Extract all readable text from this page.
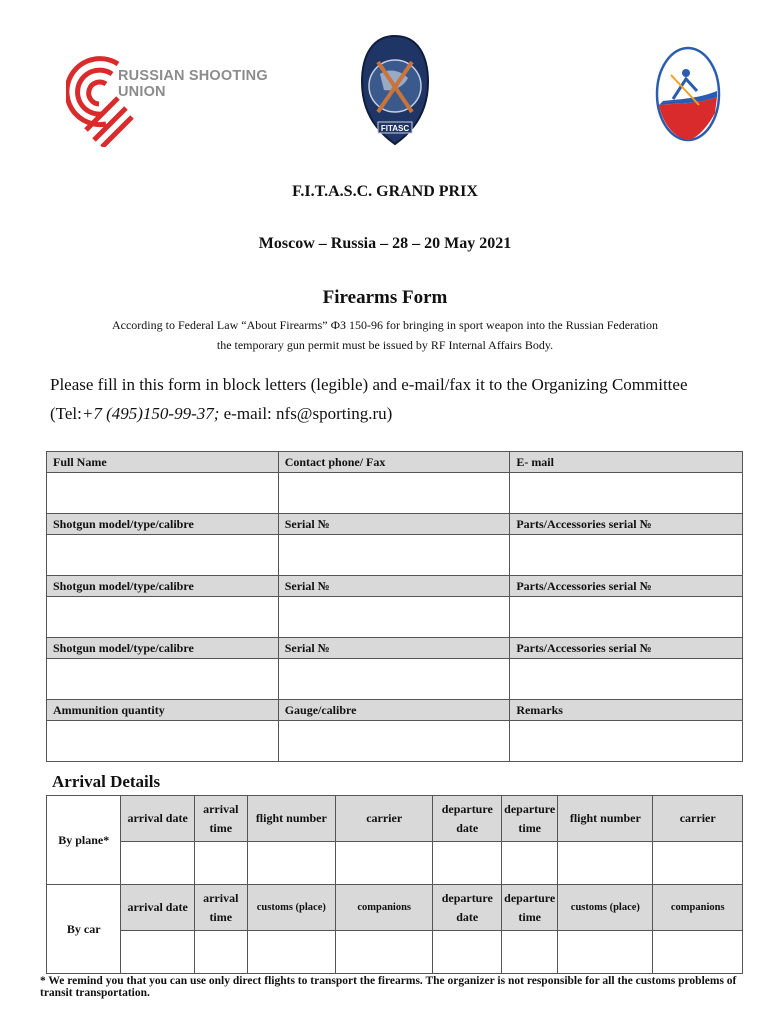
RUSSIAN SHOOTING
UNION
FITASC
F.I.T.A.S.C. GRAND PRIX
Moscow – Russia – 28 – 20 May 2021
Firearms Form
According to Federal Law “About Firearms” ФЗ 150-96 for bringing in sport weapon into the Russian Federation
the temporary gun permit must be issued by RF Internal Affairs Body.
Please fill in this form in block letters (legible) and e-mail/fax it to the Organizing Committee
(Tel:+7 (495)150-99-37; e-mail: nfs@sporting.ru)
Full Name	Contact phone/ Fax	E- mail

Shotgun model/type/calibre	Serial №	Parts/Accessories serial №

Shotgun model/type/calibre	Serial №	Parts/Accessories serial №

Shotgun model/type/calibre	Serial №	Parts/Accessories serial №

Ammunition quantity	Gauge/calibre	Remarks

Arrival Details
By plane*	arrival date	arrival time	flight number	carrier	departure date	departure time	flight number	carrier

By car	arrival date	arrival time	customs (place)	companions	departure date	departure time	customs (place)	companions

* We remind you that you can use only direct flights to transport the firearms. The organizer is not responsible for all the customs problems of transit transportation.
